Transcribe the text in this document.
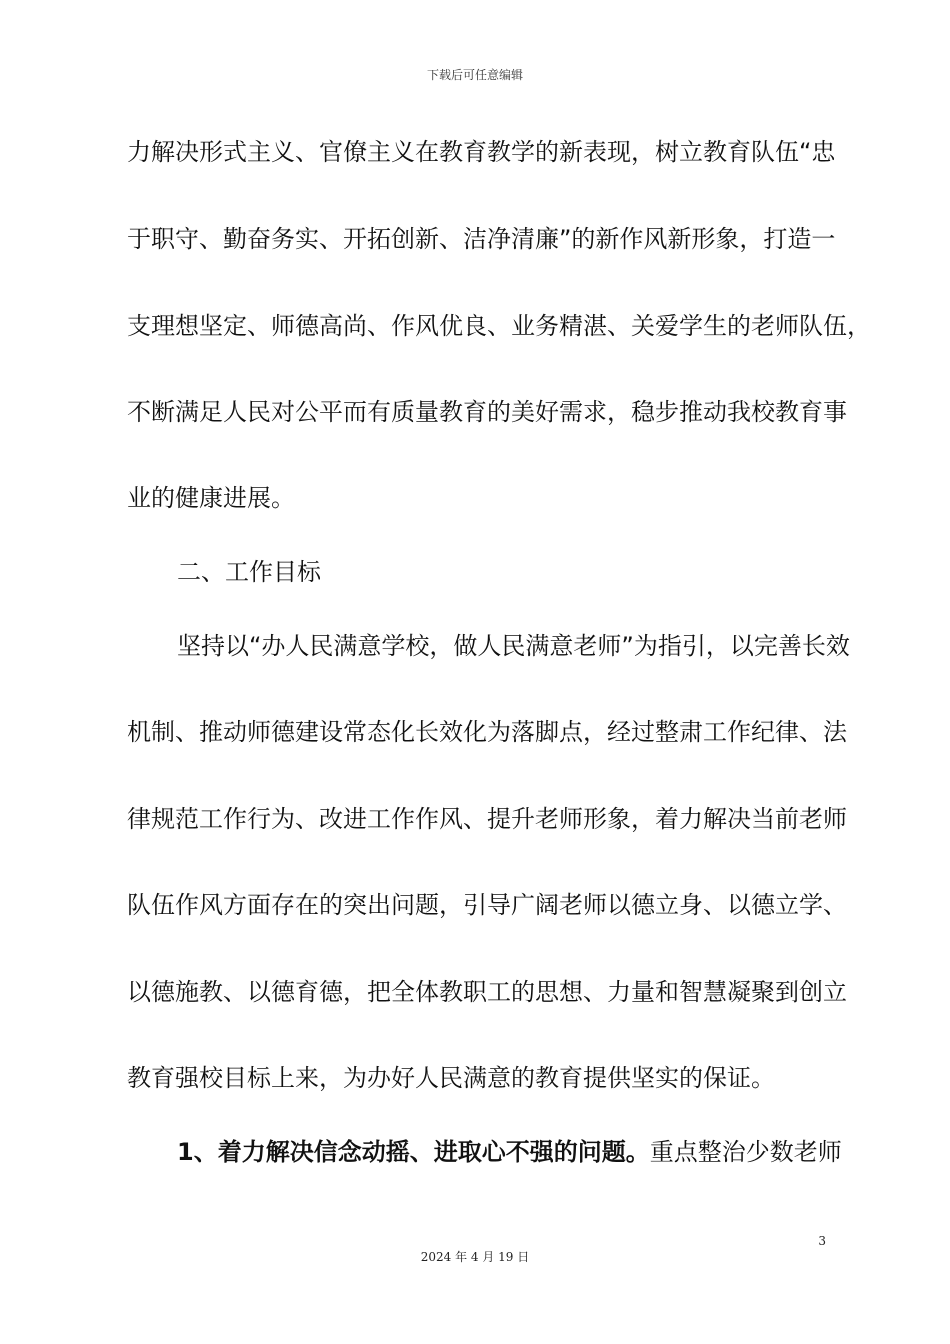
下载后可任意编辑
力解决形式主义、官僚主义在教育教学的新表现，树立教育队伍“忠
于职守、勤奋务实、开拓创新、洁净清廉”的新作风新形象，打造一
支理想坚定、师德高尚、作风优良、业务精湛、关爱学生的老师队伍，
不断满足人民对公平而有质量教育的美好需求，稳步推动我校教育事
业的健康进展。
二、工作目标
坚持以“办人民满意学校，做人民满意老师”为指引，以完善长效
机制、推动师德建设常态化长效化为落脚点，经过整肃工作纪律、法
律规范工作行为、改进工作作风、提升老师形象，着力解决当前老师
队伍作风方面存在的突出问题，引导广阔老师以德立身、以德立学、
以德施教、以德育德，把全体教职工的思想、力量和智慧凝聚到创立
教育强校目标上来，为办好人民满意的教育提供坚实的保证。
1、着力解决信念动摇、进取心不强的问题。重点整治少数老师
3
2024 年 4 月 19 日
